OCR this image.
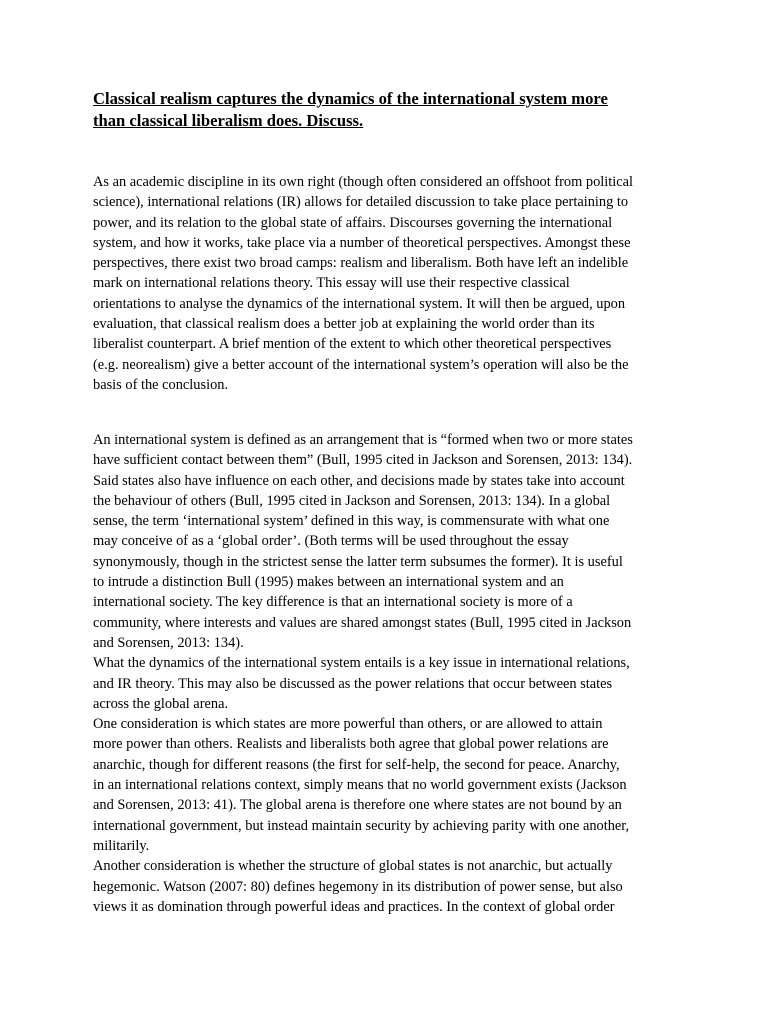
Classical realism captures the dynamics of the international system more
than classical liberalism does. Discuss.
As an academic discipline in its own right (though often considered an offshoot from political
science), international relations (IR) allows for detailed discussion to take place pertaining to
power, and its relation to the global state of affairs. Discourses governing the international
system, and how it works, take place via a number of theoretical perspectives. Amongst these
perspectives, there exist two broad camps: realism and liberalism. Both have left an indelible
mark on international relations theory. This essay will use their respective classical
orientations to analyse the dynamics of the international system. It will then be argued, upon
evaluation, that classical realism does a better job at explaining the world order than its
liberalist counterpart. A brief mention of the extent to which other theoretical perspectives
(e.g. neorealism) give a better account of the international system’s operation will also be the
basis of the conclusion.
An international system is defined as an arrangement that is “formed when two or more states
have sufficient contact between them” (Bull, 1995 cited in Jackson and Sorensen, 2013: 134).
Said states also have influence on each other, and decisions made by states take into account
the behaviour of others (Bull, 1995 cited in Jackson and Sorensen, 2013: 134). In a global
sense, the term ‘international system’ defined in this way, is commensurate with what one
may conceive of as a ‘global order’. (Both terms will be used throughout the essay
synonymously, though in the strictest sense the latter term subsumes the former). It is useful
to intrude a distinction Bull (1995) makes between an international system and an
international society. The key difference is that an international society is more of a
community, where interests and values are shared amongst states (Bull, 1995 cited in Jackson
and Sorensen, 2013: 134).
What the dynamics of the international system entails is a key issue in international relations,
and IR theory. This may also be discussed as the power relations that occur between states
across the global arena.
One consideration is which states are more powerful than others, or are allowed to attain
more power than others. Realists and liberalists both agree that global power relations are
anarchic, though for different reasons (the first for self-help, the second for peace. Anarchy,
in an international relations context, simply means that no world government exists (Jackson
and Sorensen, 2013: 41). The global arena is therefore one where states are not bound by an
international government, but instead maintain security by achieving parity with one another,
militarily.
Another consideration is whether the structure of global states is not anarchic, but actually
hegemonic. Watson (2007: 80) defines hegemony in its distribution of power sense, but also
views it as domination through powerful ideas and practices. In the context of global order
